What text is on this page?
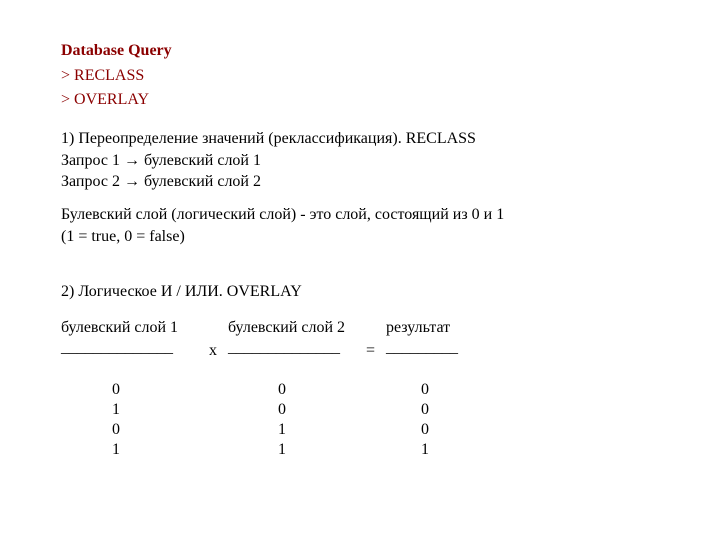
Database Query
> RECLASS
> OVERLAY
1) Переопределение значений (реклассификация). RECLASS
Запрос 1 → булевский слой 1
Запрос 2 → булевский слой 2
Булевский слой (логический слой) - это слой, состоящий из 0 и 1
(1 = true, 0 = false)
2) Логическое И / ИЛИ. OVERLAY
булевский слой 1	булевский слой 2	результат
______________ x ______________ = _________
0
1
0
1
0
0
1
1
0
0
0
1
